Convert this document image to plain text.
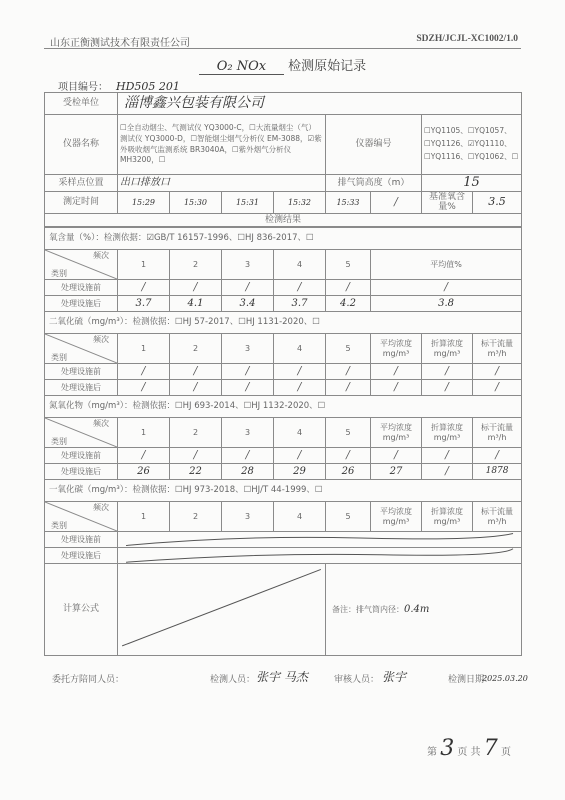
山东正衡测试技术有限责任公司	SDZH/JCJL-XC1002/1.0
O₂ NOx 检测原始记录
项目编号： HD505 201
受检单位	淄博鑫兴包装有限公司							
仪器名称	☐全自动烟尘、气测试仪 YQ3000-C，☐大流量烟尘（气）测试仪 YQ3000-D，☐智能烟尘烟气分析仪 EM-3088，☑紫外吸收烟气监测系统 BR3040A，☐紫外烟气分析仪 MH3200，☐				仪器编号		☐YQ1105、☐YQ1057、☐YQ1126、☑YQ1110、☐YQ1116、☐YQ1062、☐	
采样点位置	出口排放口				排气筒高度（m）		15	
测定时间	15:29	15:30	15:31	15:32	15:33	/	基准氧含量%	3.5
检测结果								
氧含量（%）：检测依据：☑GB/T 16157-1996、☐HJ 836-2017、☐								

频次
类别	1	2	3	4	5	平均值%		
处理设施前	/	/	/	/	/	/		
处理设施后	3.7	4.1	3.4	3.7	4.2	3.8		
二氧化硫（mg/m³）：检测依据：☐HJ 57-2017、☐HJ 1131-2020、☐								

频次
类别	1	2	3	4	5	平均浓度 mg/m³	折算浓度 mg/m³	标干流量 m³/h
处理设施前	/	/	/	/	/	/	/	/
处理设施后	/	/	/	/	/	/	/	/
氮氧化物（mg/m³）：检测依据：☐HJ 693-2014、☐HJ 1132-2020、☐								

频次
类别	1	2	3	4	5	平均浓度 mg/m³	折算浓度 mg/m³	标干流量 m³/h
处理设施前	/	/	/	/	/	/	/	/
处理设施后	26	22	28	29	26	27	/	1878
一氧化碳（mg/m³）：检测依据：☐HJ 973-2018、☐HJ/T 44-1999、☐								

频次
类别	1	2	3	4	5	平均浓度 mg/m³	折算浓度 mg/m³	标干流量 m³/h
处理设施前	

处理设施后	

计算公式					备注：排气筒内径：0.4m			
委托方陪同人员：	检测人员： 张宇 马杰	审核人员： 张宇	检测日期：
2025.03.20
第 3 页 共 7 页
